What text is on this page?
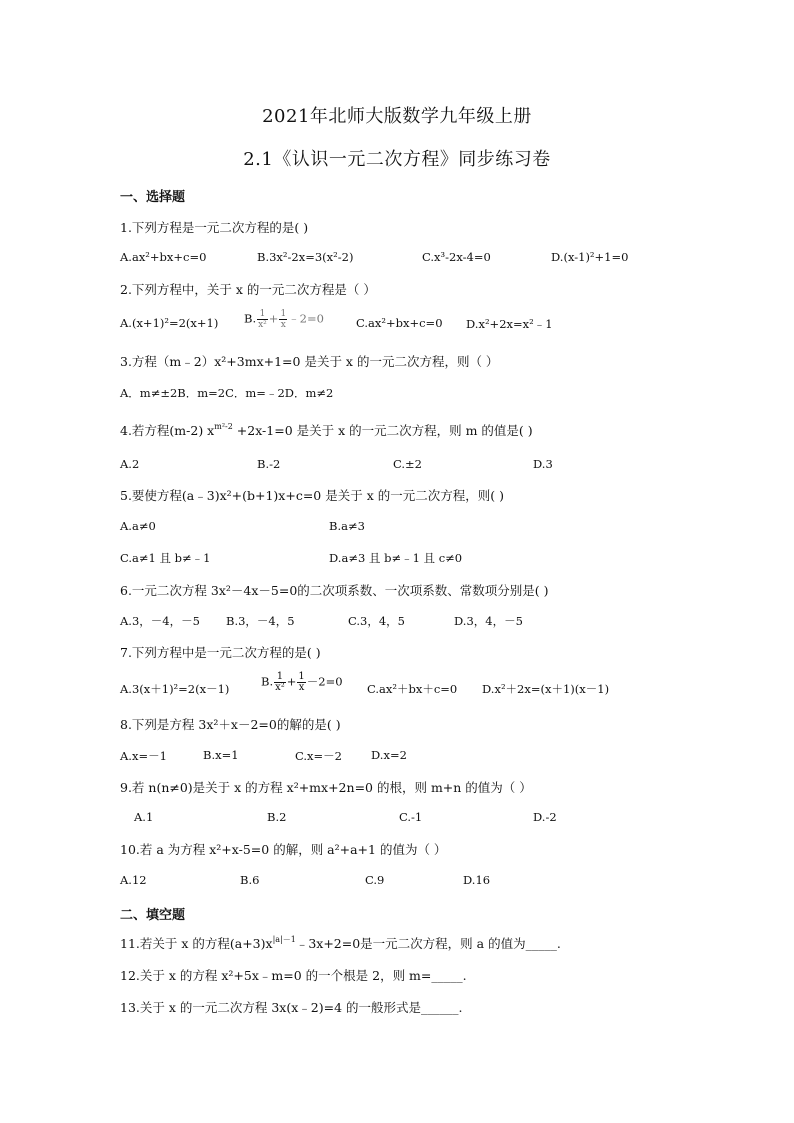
2021年北师大版数学九年级上册
2.1《认识一元二次方程》同步练习卷
一、选择题
1.下列方程是一元二次方程的是( )
A.ax²+bx+c=0	B.3x²-2x=3(x²-2)	C.x³-2x-4=0	D.(x-1)²+1=0
2.下列方程中，关于 x 的一元二次方程是（ ）
A.(x+1)²=2(x+1) B. $\frac{1}{\text{x²}} + \frac{1}{x}$ ﹣2=0	C.ax²+bx+c=0 D.x²+2x=x²﹣1
3.方程（m﹣2）x²+3mx+1=0 是关于 x 的一元二次方程，则（ ）
A．m≠±2B．m=2C．m=﹣2D．m≠2
4.若方程(m-2) $x^{m^2-2} +2x-1=0$ 是关于 x 的一元二次方程，则 m 的值是( )
A.2	B.-2	C.±2	D.3
5.要使方程(a﹣3)x²+(b+1)x+c=0 是关于 x 的一元二次方程，则( )
A.a≠0	B.a≠3
C.a≠1 且 b≠﹣1	D.a≠3 且 b≠﹣1 且 c≠0
6.一元二次方程 3x²－4x－5=0的二次项系数、一次项系数、常数项分别是( )
A.3，－4，－5 B.3，－4，5	C.3，4，5	D.3，4，－5
7.下列方程中是一元二次方程的是( )
A.3(x＋1)²=2(x－1)
B. $\frac{1}{\text{x²}} + \frac{1}{x} -2=0$
C.ax²＋bx＋c=0 D.x²＋2x=(x＋1)(x－1)
8.下列是方程 3x²＋x－2=0的解的是( )
A.x=－1	B.x=1	C.x=－2	D.x=2
9.若 n(n≠0)是关于 x 的方程 x²+mx+2n=0 的根，则 m+n 的值为（ ）
A.1	B.2	C.-1	D.-2
10.若 a 为方程 x²+x-5=0 的解，则 a²+a+1 的值为（ ）
A.12	B.6	C.9	D.16
二、填空题
11.若关于 x 的方程$(a+3)x^{|a|-1}﹣3x+2=0$是一元二次方程，则 a 的值为_____.
12.关于 x 的方程 x²+5x﹣m=0 的一个根是 2，则 m=_____.
13.关于 x 的一元二次方程 3x(x﹣2)=4 的一般形式是______.
